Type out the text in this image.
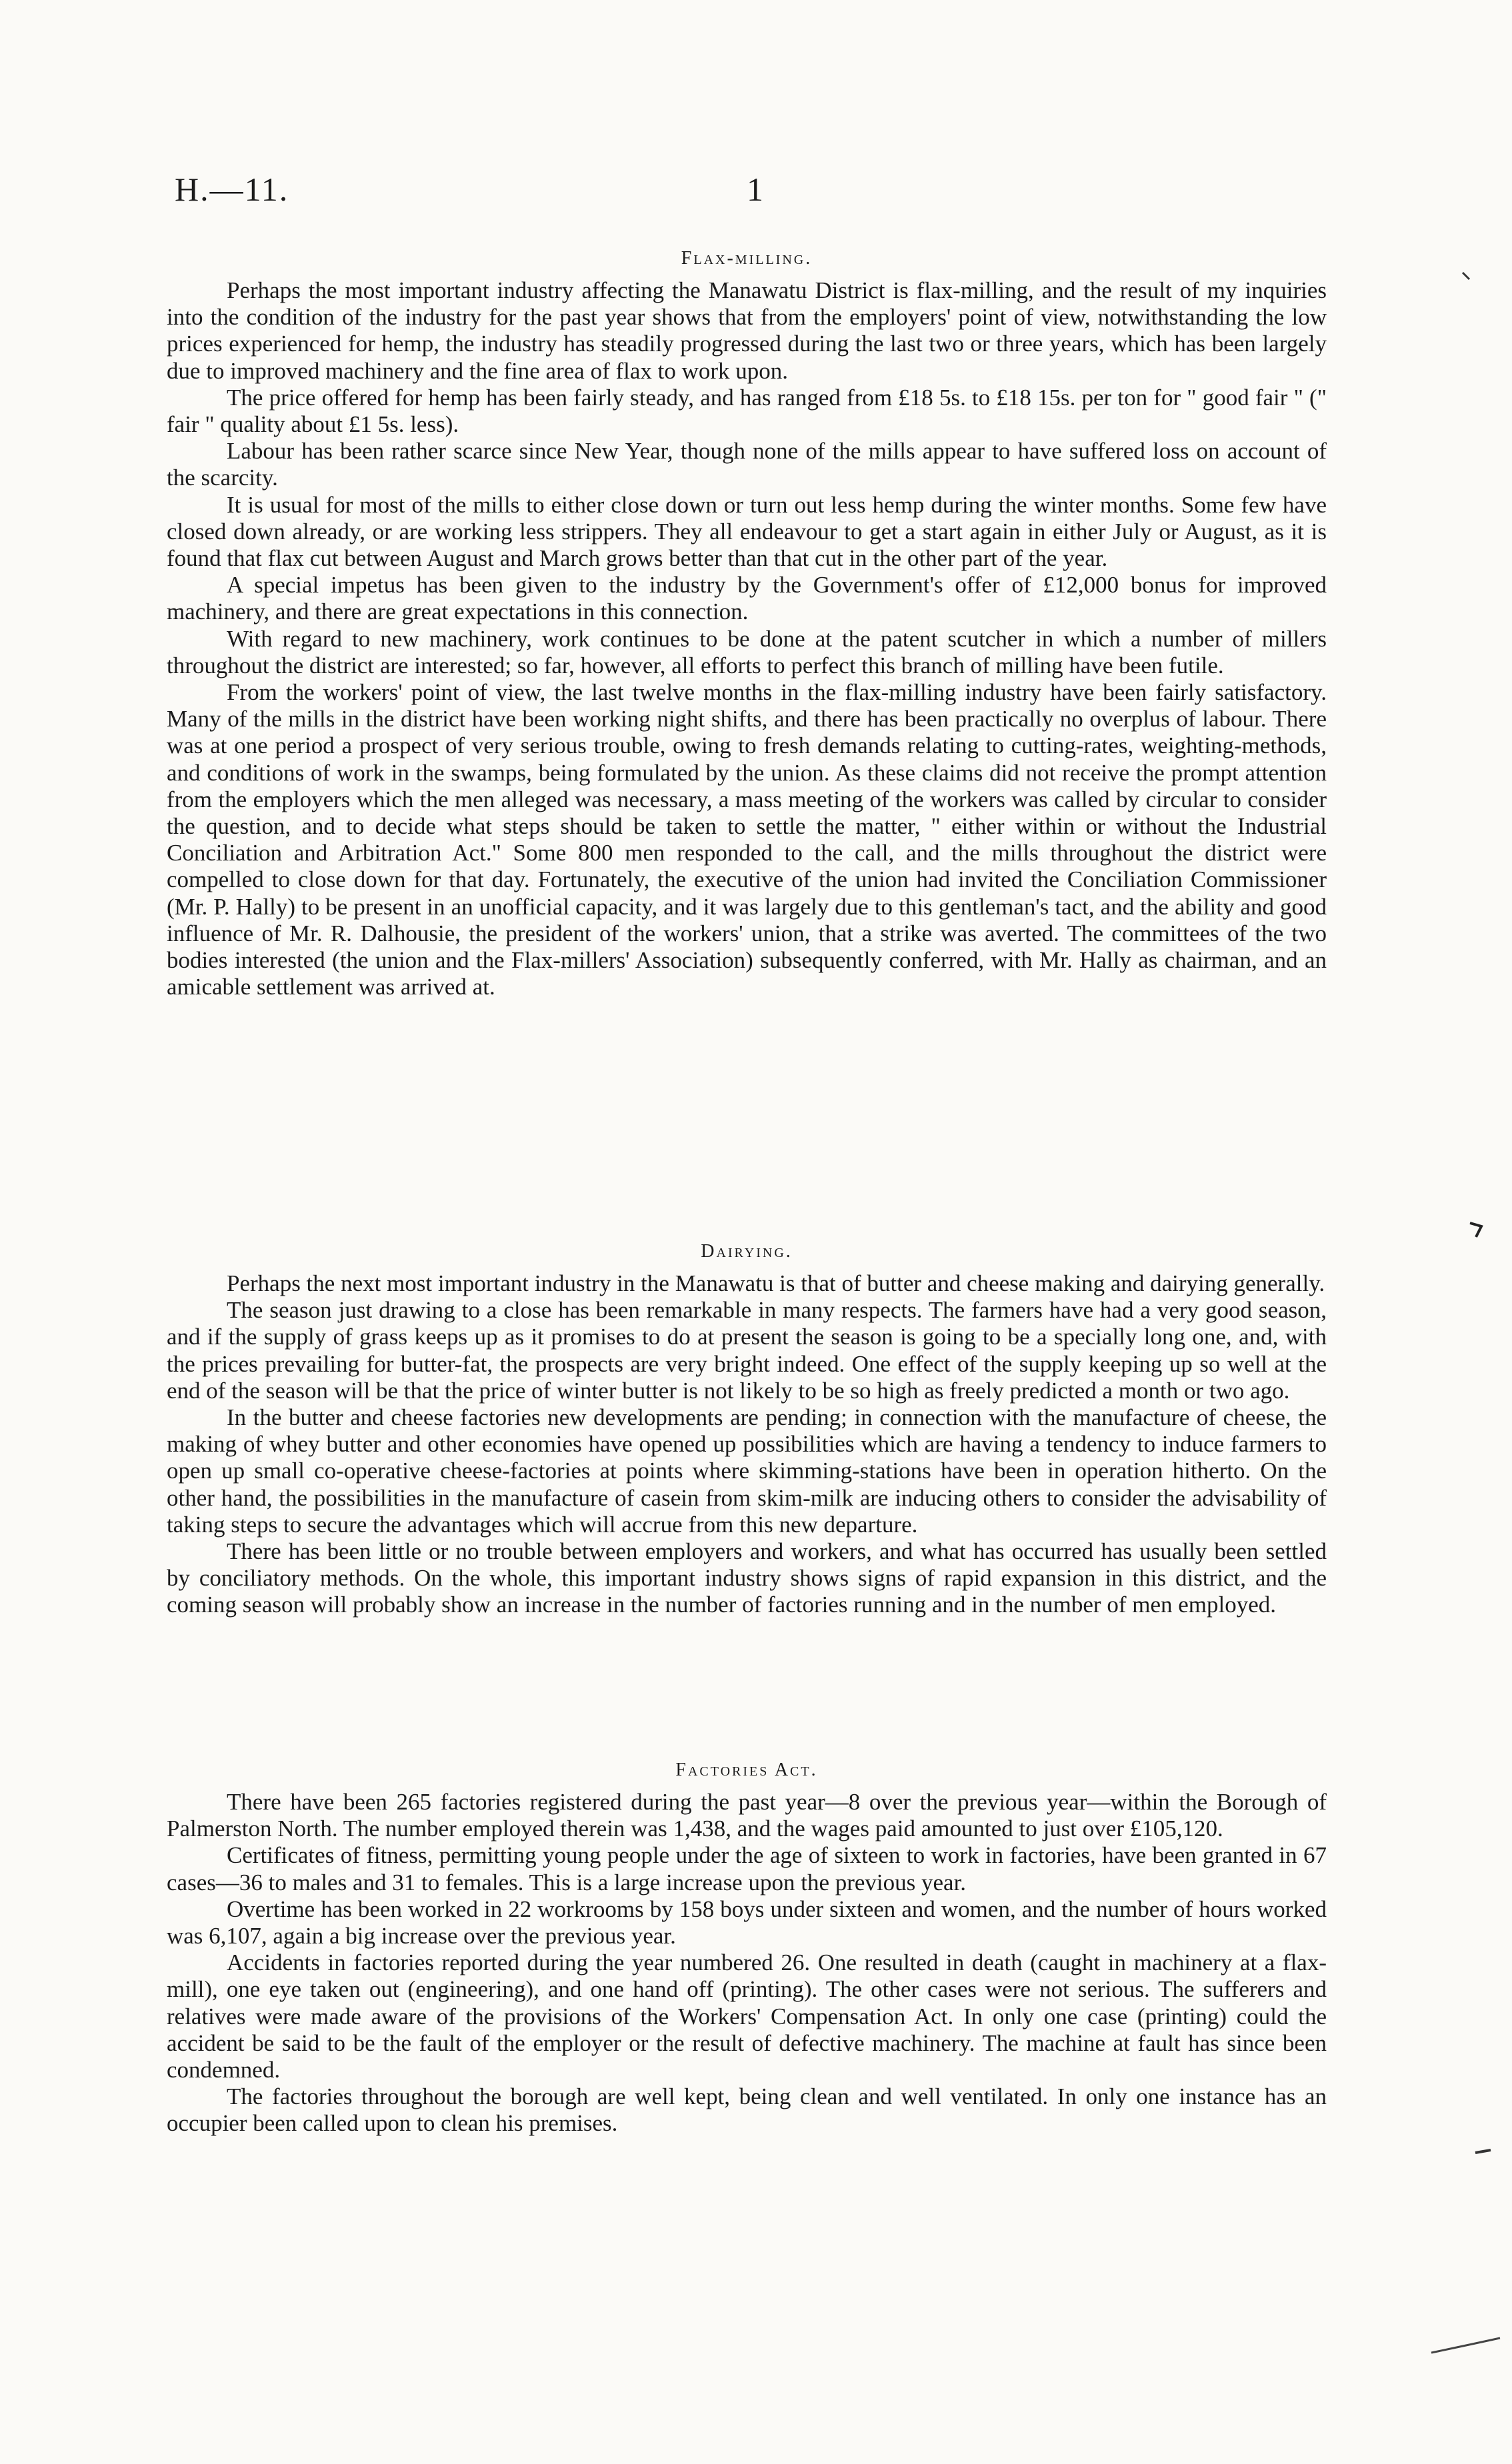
H.—11.	1
Flax-milling.

Perhaps the most important industry affecting the Manawatu District is flax-milling, and the result of my inquiries into the condition of the industry for the past year shows that from the employers' point of view, notwithstanding the low prices experienced for hemp, the industry has steadily progressed during the last two or three years, which has been largely due to improved machinery and the fine area of flax to work upon.

The price offered for hemp has been fairly steady, and has ranged from £18 5s. to £18 15s. per ton for " good fair " (" fair " quality about £1 5s. less).

Labour has been rather scarce since New Year, though none of the mills appear to have suffered loss on account of the scarcity.

It is usual for most of the mills to either close down or turn out less hemp during the winter months. Some few have closed down already, or are working less strippers. They all endeavour to get a start again in either July or August, as it is found that flax cut between August and March grows better than that cut in the other part of the year.

A special impetus has been given to the industry by the Government's offer of £12,000 bonus for improved machinery, and there are great expectations in this connection.

With regard to new machinery, work continues to be done at the patent scutcher in which a number of millers throughout the district are interested; so far, however, all efforts to perfect this branch of milling have been futile.

From the workers' point of view, the last twelve months in the flax-milling industry have been fairly satisfactory. Many of the mills in the district have been working night shifts, and there has been practically no overplus of labour. There was at one period a prospect of very serious trouble, owing to fresh demands relating to cutting-rates, weighting-methods, and conditions of work in the swamps, being formulated by the union. As these claims did not receive the prompt attention from the employers which the men alleged was necessary, a mass meeting of the workers was called by circular to consider the question, and to decide what steps should be taken to settle the matter, " either within or without the Industrial Conciliation and Arbitration Act." Some 800 men responded to the call, and the mills throughout the district were compelled to close down for that day. Fortunately, the executive of the union had invited the Conciliation Commissioner (Mr. P. Hally) to be present in an unofficial capacity, and it was largely due to this gentleman's tact, and the ability and good influence of Mr. R. Dalhousie, the president of the workers' union, that a strike was averted. The committees of the two bodies interested (the union and the Flax-millers' Association) subsequently conferred, with Mr. Hally as chairman, and an amicable settlement was arrived at.

Dairying.

Perhaps the next most important industry in the Manawatu is that of butter and cheese making and dairying generally.

The season just drawing to a close has been remarkable in many respects. The farmers have had a very good season, and if the supply of grass keeps up as it promises to do at present the season is going to be a specially long one, and, with the prices prevailing for butter-fat, the prospects are very bright indeed. One effect of the supply keeping up so well at the end of the season will be that the price of winter butter is not likely to be so high as freely predicted a month or two ago.

In the butter and cheese factories new developments are pending; in connection with the manufacture of cheese, the making of whey butter and other economies have opened up possibilities which are having a tendency to induce farmers to open up small co-operative cheese-factories at points where skimming-stations have been in operation hitherto. On the other hand, the possibilities in the manufacture of casein from skim-milk are inducing others to consider the advisability of taking steps to secure the advantages which will accrue from this new departure.

There has been little or no trouble between employers and workers, and what has occurred has usually been settled by conciliatory methods. On the whole, this important industry shows signs of rapid expansion in this district, and the coming season will probably show an increase in the number of factories running and in the number of men employed.

Factories Act.

There have been 265 factories registered during the past year—8 over the previous year—within the Borough of Palmerston North. The number employed therein was 1,438, and the wages paid amounted to just over £105,120.

Certificates of fitness, permitting young people under the age of sixteen to work in factories, have been granted in 67 cases—36 to males and 31 to females. This is a large increase upon the previous year.

Overtime has been worked in 22 workrooms by 158 boys under sixteen and women, and the number of hours worked was 6,107, again a big increase over the previous year.

Accidents in factories reported during the year numbered 26. One resulted in death (caught in machinery at a flax-mill), one eye taken out (engineering), and one hand off (printing). The other cases were not serious. The sufferers and relatives were made aware of the provisions of the Workers' Compensation Act. In only one case (printing) could the accident be said to be the fault of the employer or the result of defective machinery. The machine at fault has since been condemned.

The factories throughout the borough are well kept, being clean and well ventilated. In only one instance has an occupier been called upon to clean his premises.
